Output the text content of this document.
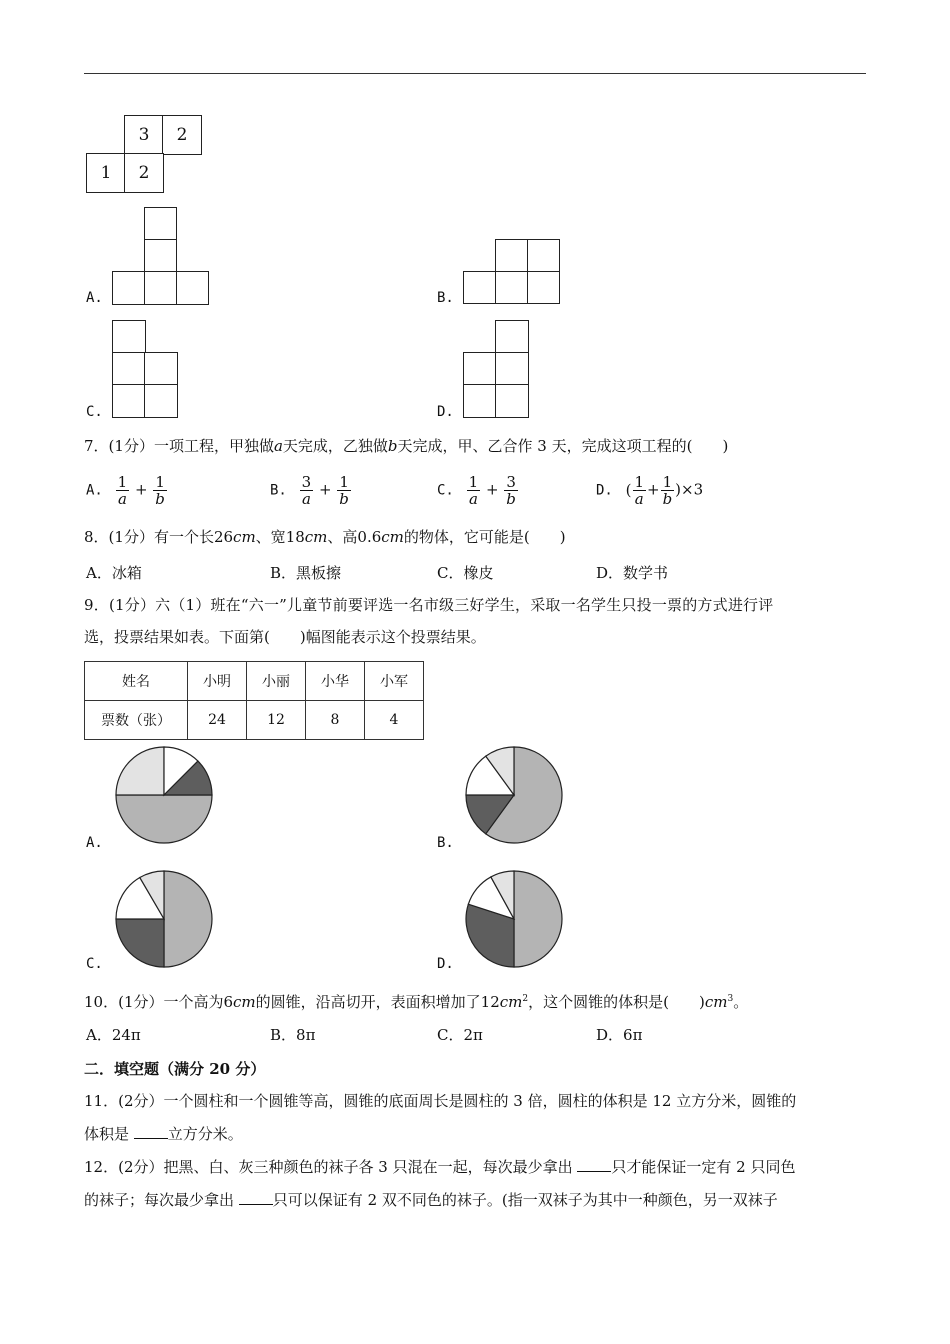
3	2
1	2
A.	B.
C.	D.
7．(1分）一项工程，甲独做a天完成，乙独做b天完成，甲、乙合作 3 天，完成这项工程的(　　)
A. $\frac{1}{a} + \frac{1}{b}$	B. $\frac{3}{a} + \frac{1}{b}$	C. $\frac{1}{a} + \frac{3}{b}$	D. ( $\frac{1}{a} + \frac{1}{b} )\times 3$
8．(1分）有一个长26cm、宽18cm、高0.6cm的物体，它可能是(　　)
A．冰箱	B．黑板擦	C．橡皮	D．数学书
9．(1分）六（1）班在“六一”儿童节前要评选一名市级三好学生，采取一名学生只投一票的方式进行评
选，投票结果如表。下面第(　　)幅图能表示这个投票结果。
姓名	小明	小丽	小华	小军
票数（张）	24	12	8	4
A.	B.
C.	D.
10．(1分）一个高为6cm的圆锥，沿高切开，表面积增加了$12cm^2$，这个圆锥的体积是(　　)$cm^3$。
A．24π	B．8π	C．2π	D．6π
二．填空题（满分 20 分）
11．(2分）一个圆柱和一个圆锥等高，圆锥的底面周长是圆柱的 3 倍，圆柱的体积是 12 立方分米，圆锥的
体积是	立方分米。
12．(2分）把黑、白、灰三种颜色的袜子各 3 只混在一起，每次最少拿出	只才能保证一定有 2 只同色
的袜子；每次最少拿出	只可以保证有 2 双不同色的袜子。(指一双袜子为其中一种颜色，另一双袜子
